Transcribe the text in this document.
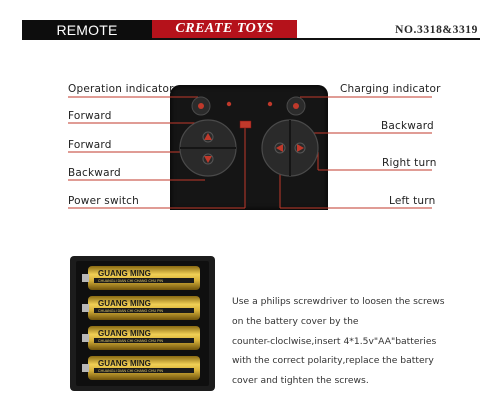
REMOTE CONTROL
CREATE TOYS	NO.3318&3319
Operation indicator	Charging indicator
Forward
Backward
Forward
Right turn
Backward
Power switch	Left turn
GUANG MING
CHUANGLI DIAN CHI CHANG CHU PIN
GUANG MING
CHUANGLI DIAN CHI CHANG CHU PIN
GUANG MING
CHUANGLI DIAN CHI CHANG CHU PIN
GUANG MING
CHUANGLI DIAN CHI CHANG CHU PIN
Use a philips screwdriver to loosen the screws
on the battery cover by the
counter-cloclwise,insert 4*1.5v"AA"batteries
with the correct polarity,replace the battery
cover and tighten the screws.
